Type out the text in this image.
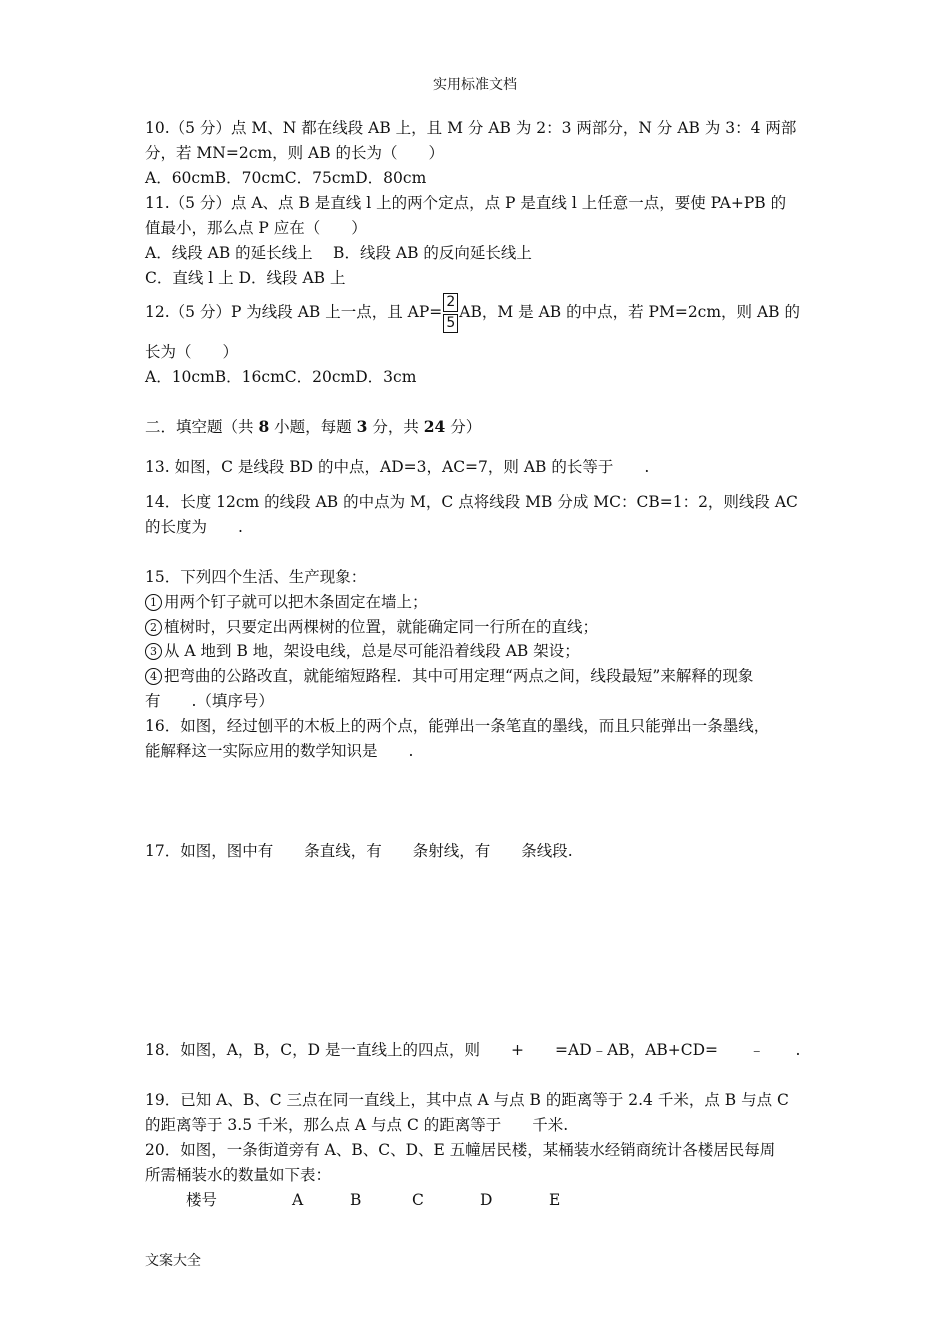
实用标准文档
10.（5 分）点 M、N 都在线段 AB 上，且 M 分 AB 为 2：3 两部分，N 分 AB 为 3：4 两部
分，若 MN=2cm，则 AB 的长为（　　）
A．60cmB．70cmC．75cmD．80cm
11.（5 分）点 A、点 B 是直线 l 上的两个定点，点 P 是直线 l 上任意一点，要使 PA+PB 的
值最小，那么点 P 应在（　　）
A．线段 AB 的延长线上　 B．线段 AB 的反向延长线上
C．直线 l 上 D．线段 AB 上
12.（5 分）P 为线段 AB 上一点，且 $AP= \frac{2}{5}$ AB，M 是 AB 的中点，若 PM=2cm，则 AB 的
长为（　　）
A．10cmB．16cmC．20cmD．3cm
二．填空题（共 8 小题，每题 3 分，共 24 分）
13. 如图，C 是线段 BD 的中点，AD=3，AC=7，则 AB 的长等于　　.
14．长度 12cm 的线段 AB 的中点为 M，C 点将线段 MB 分成 MC：CB=1：2，则线段 AC
的长度为　　.
15．下列四个生活、生产现象：
1 用两个钉子就可以把木条固定在墙上；
2 植树时，只要定出两棵树的位置，就能确定同一行所在的直线；
3 从 A 地到 B 地，架设电线，总是尽可能沿着线段 AB 架设；
4 把弯曲的公路改直，就能缩短路程．其中可用定理“两点之间，线段最短”来解释的现象
有　　.（填序号）
16．如图，经过刨平的木板上的两个点，能弹出一条笔直的墨线，而且只能弹出一条墨线，
能解释这一实际应用的数学知识是　　.
17．如图，图中有　　条直线，有　　条射线，有　　条线段.
18．如图，A，B，C，D 是一直线上的四点，则　　+　　=AD﹣AB，AB+CD=　　﹣　　.
19．已知 A、B、C 三点在同一直线上，其中点 A 与点 B 的距离等于 2.4 千米，点 B 与点 C
的距离等于 3.5 千米，那么点 A 与点 C 的距离等于　　千米.
20．如图，一条街道旁有 A、B、C、D、E 五幢居民楼，某桶装水经销商统计各楼居民每周
所需桶装水的数量如下表：
楼号	A	B	C	D	E
文案大全
